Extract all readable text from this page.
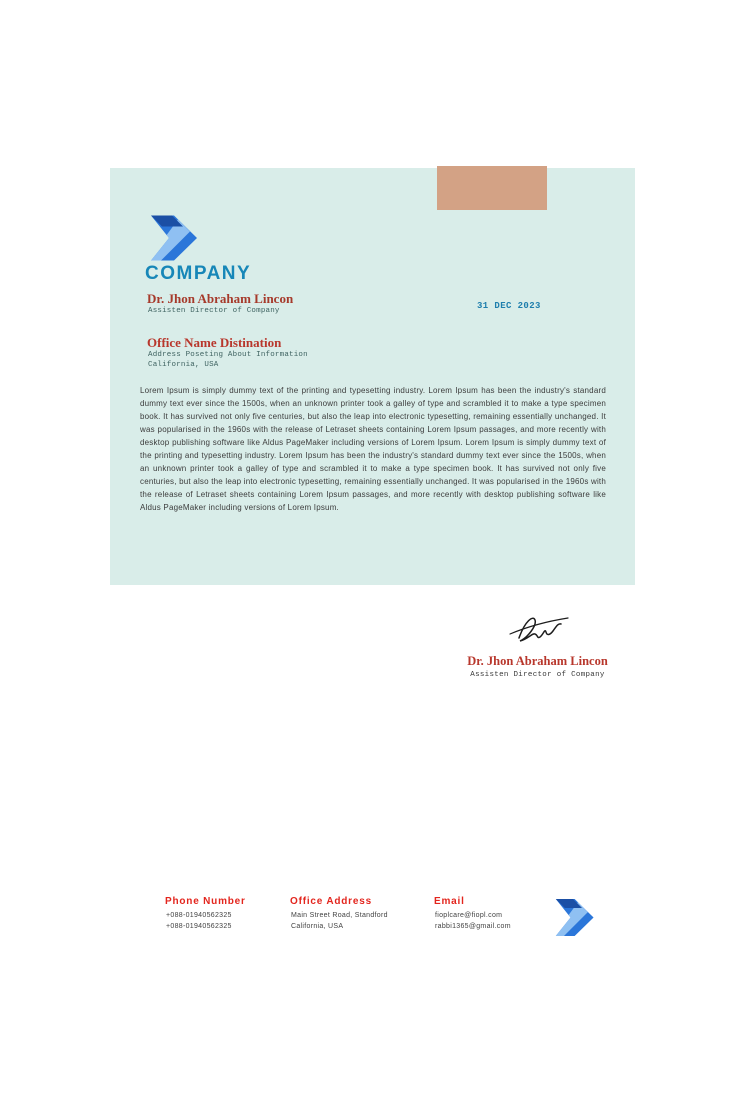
COMPANY
Dr. Jhon Abraham Lincon
Assisten Director of Company	31 DEC 2023
Office Name Distination
Address Poseting About Information
California, USA
Lorem Ipsum is simply dummy text of the printing and typesetting industry. Lorem Ipsum has been the industry's standard dummy text ever since the 1500s, when an unknown printer took a galley of type and scrambled it to make a type specimen book. It has survived not only five centuries, but also the leap into electronic typesetting, remaining essentially unchanged. It was popularised in the 1960s with the release of Letraset sheets containing Lorem Ipsum passages, and more recently with desktop publishing software like Aldus PageMaker including versions of Lorem Ipsum. Lorem Ipsum is simply dummy text of the printing and typesetting industry. Lorem Ipsum has been the industry's standard dummy text ever since the 1500s, when an unknown printer took a galley of type and scrambled it to make a type specimen book. It has survived not only five centuries, but also the leap into electronic typesetting, remaining essentially unchanged. It was popularised in the 1960s with the release of Letraset sheets containing Lorem Ipsum passages, and more recently with desktop publishing software like Aldus PageMaker including versions of Lorem Ipsum.
Dr. Jhon Abraham Lincon
Assisten Director of Company
Phone Number
+088-01940562325
+088-01940562325
Office Address
Main Street Road, Standford
California, USA
Email
fioplcare@fiopl.com
rabbi1365@gmail.com
